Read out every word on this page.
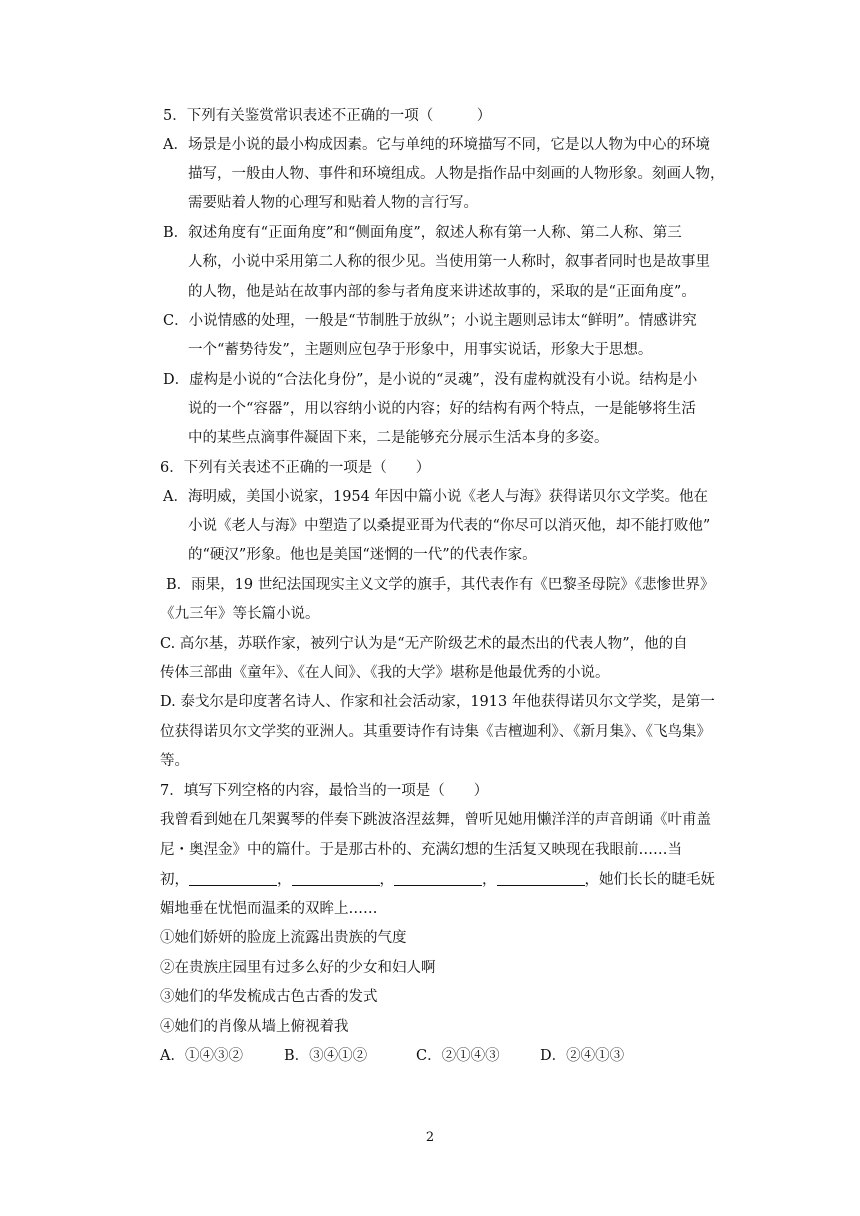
5．下列有关鉴赏常识表述不正确的一项（　　　）
A．场景是小说的最小构成因素。它与单纯的环境描写不同，它是以人物为中心的环境
描写，一般由人物、事件和环境组成。人物是指作品中刻画的人物形象。刻画人物，
需要贴着人物的心理写和贴着人物的言行写。
B．叙述角度有“正面角度”和“侧面角度”，叙述人称有第一人称、第二人称、第三
人称，小说中采用第二人称的很少见。当使用第一人称时，叙事者同时也是故事里
的人物，他是站在故事内部的参与者角度来讲述故事的，采取的是“正面角度”。
C．小说情感的处理，一般是“节制胜于放纵”；小说主题则忌讳太“鲜明”。情感讲究
一个“蓄势待发”，主题则应包孕于形象中，用事实说话，形象大于思想。
D．虚构是小说的“合法化身份”，是小说的“灵魂”，没有虚构就没有小说。结构是小
说的一个“容器”，用以容纳小说的内容；好的结构有两个特点，一是能够将生活
中的某些点滴事件凝固下来，二是能够充分展示生活本身的多姿。
6．下列有关表述不正确的一项是（　　）
A．海明威，美国小说家，1954 年因中篇小说《老人与海》获得诺贝尔文学奖。他在
小说《老人与海》中塑造了以桑提亚哥为代表的“你尽可以消灭他，却不能打败他”
的“硬汉”形象。他也是美国“迷惘的一代”的代表作家。
B．雨果，19 世纪法国现实主义文学的旗手，其代表作有《巴黎圣母院》《悲惨世界》
《九三年》等长篇小说。
C. 高尔基，苏联作家，被列宁认为是“无产阶级艺术的最杰出的代表人物”，他的自
传体三部曲《童年》、《在人间》、《我的大学》堪称是他最优秀的小说。
D. 泰戈尔是印度著名诗人、作家和社会活动家，1913 年他获得诺贝尔文学奖，是第一
位获得诺贝尔文学奖的亚洲人。其重要诗作有诗集《吉檀迦利》、《新月集》、《飞鸟集》
等。
7．填写下列空格的内容，最恰当的一项是（　　）
我曾看到她在几架翼琴的伴奏下跳波洛涅兹舞，曾听见她用懒洋洋的声音朗诵《叶甫盖
尼・奥涅金》中的篇什。于是那古朴的、充满幻想的生活复又映现在我眼前……当
初，	，	，	，	，她们长长的睫毛妩
媚地垂在忧悒而温柔的双眸上……
①她们娇妍的脸庞上流露出贵族的气度
②在贵族庄园里有过多么好的少女和妇人啊
③她们的华发梳成古色古香的发式
④她们的肖像从墙上俯视着我
A．①④③②	B．③④①②	C．②①④③	D．②④①③
2
